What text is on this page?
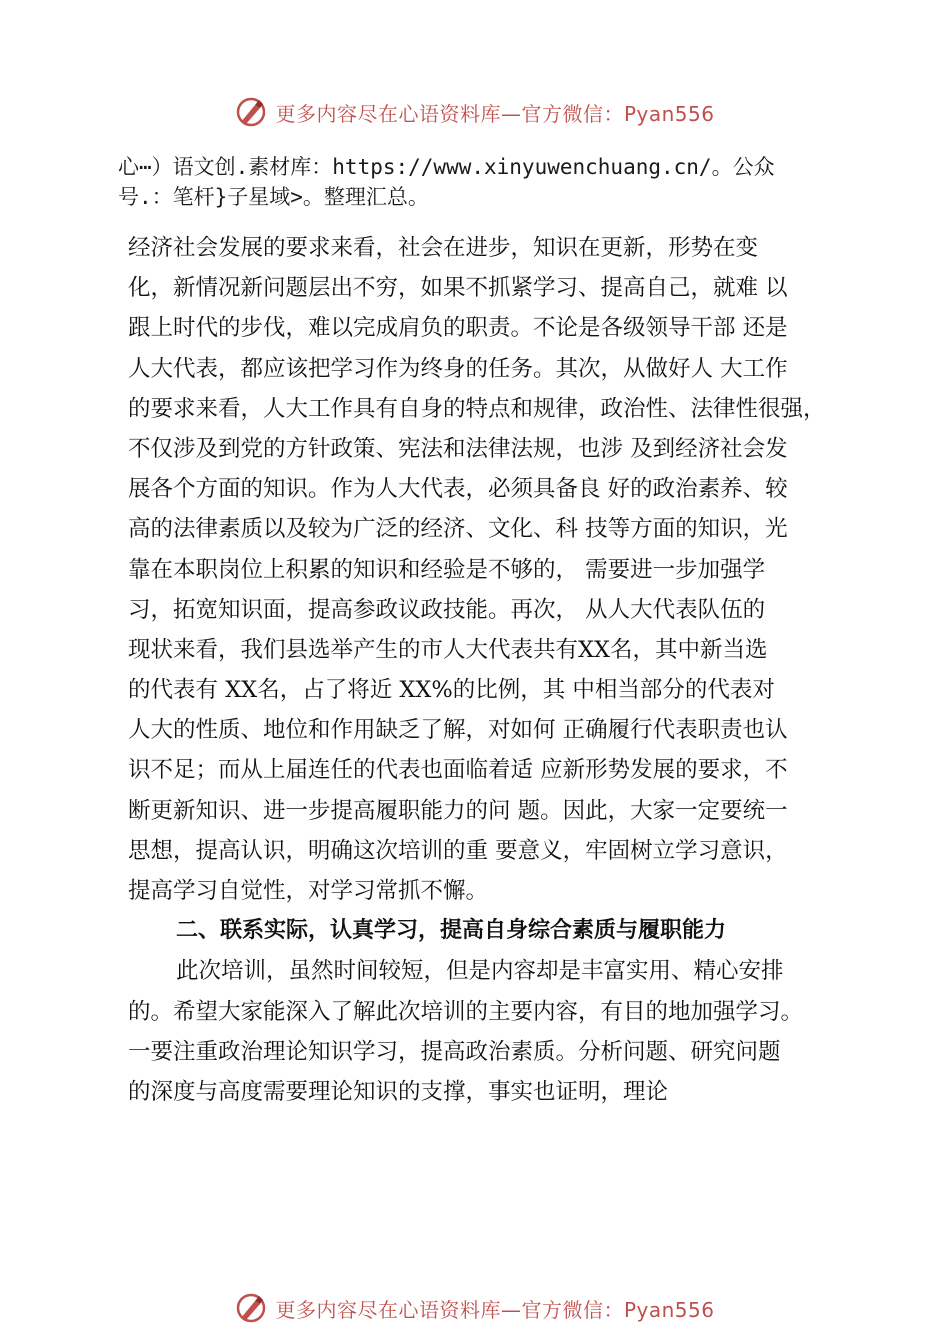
更多内容尽在心语资料库—官方微信：Pyan556
心⋯）语文创.素材库：https://www.xinyuwenchuang.cn/。公众
号.：笔杆}子星域>。整理汇总。
经济社会发展的要求来看，社会在进步，知识在更新，形势在变
化，新情况新问题层出不穷，如果不抓紧学习、提高自己，就难 以
跟上时代的步伐，难以完成肩负的职责。不论是各级领导干部 还是
人大代表，都应该把学习作为终身的任务。其次，从做好人 大工作
的要求来看，人大工作具有自身的特点和规律，政治性、法律性很强，
不仅涉及到党的方针政策、宪法和法律法规，也涉 及到经济社会发
展各个方面的知识。作为人大代表，必须具备良 好的政治素养、较
高的法律素质以及较为广泛的经济、文化、科 技等方面的知识，光
靠在本职岗位上积累的知识和经验是不够的， 需要进一步加强学
习，拓宽知识面，提高参政议政技能。再次， 从人大代表队伍的
现状来看，我们县选举产生的市人大代表共有XX名，其中新当选
的代表有 XX名，占了将近 XX%的比例，其 中相当部分的代表对
人大的性质、地位和作用缺乏了解，对如何 正确履行代表职责也认
识不足；而从上届连任的代表也面临着适 应新形势发展的要求，不
断更新知识、进一步提高履职能力的问 题。因此，大家一定要统一
思想，提高认识，明确这次培训的重 要意义，牢固树立学习意识，
提高学习自觉性，对学习常抓不懈。
二、联系实际，认真学习，提高自身综合素质与履职能力
此次培训，虽然时间较短，但是内容却是丰富实用、精心安排
的。希望大家能深入了解此次培训的主要内容，有目的地加强学习。
一要注重政治理论知识学习，提高政治素质。分析问题、研究问题
的深度与高度需要理论知识的支撑，事实也证明，理论
更多内容尽在心语资料库—官方微信：Pyan556
